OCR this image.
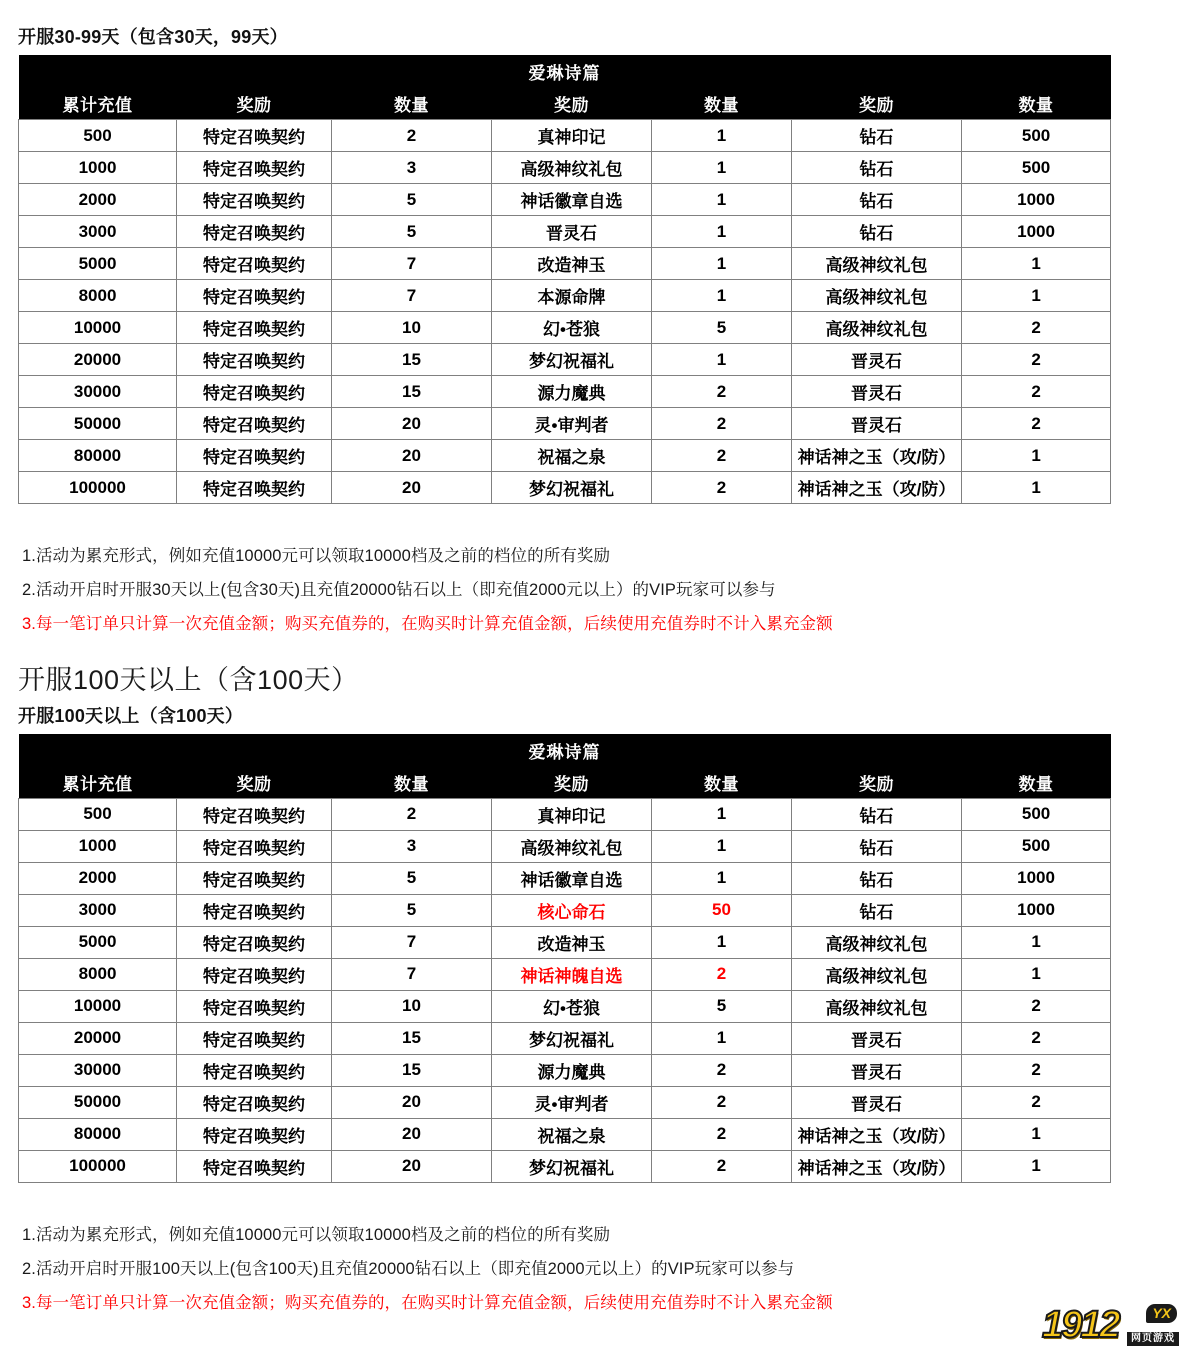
开服30-99天（包含30天，99天）
爱琳诗篇						
累计充值	奖励	数量	奖励	数量	奖励	数量
500	特定召唤契约	2	真神印记	1	钻石	500
1000	特定召唤契约	3	高级神纹礼包	1	钻石	500
2000	特定召唤契约	5	神话徽章自选	1	钻石	1000
3000	特定召唤契约	5	晋灵石	1	钻石	1000
5000	特定召唤契约	7	改造神玉	1	高级神纹礼包	1
8000	特定召唤契约	7	本源命牌	1	高级神纹礼包	1
10000	特定召唤契约	10	幻•苍狼	5	高级神纹礼包	2
20000	特定召唤契约	15	梦幻祝福礼	1	晋灵石	2
30000	特定召唤契约	15	源力魔典	2	晋灵石	2
50000	特定召唤契约	20	灵•审判者	2	晋灵石	2
80000	特定召唤契约	20	祝福之泉	2	神话神之玉（攻/防）	1
100000	特定召唤契约	20	梦幻祝福礼	2	神话神之玉（攻/防）	1
1.活动为累充形式，例如充值10000元可以领取10000档及之前的档位的所有奖励
2.活动开启时开服30天以上(包含30天)且充值20000钻石以上（即充值2000元以上）的VIP玩家可以参与
3.每一笔订单只计算一次充值金额；购买充值券的，在购买时计算充值金额，后续使用充值券时不计入累充金额
开服100天以上（含100天）
开服100天以上（含100天）
爱琳诗篇						
累计充值	奖励	数量	奖励	数量	奖励	数量
500	特定召唤契约	2	真神印记	1	钻石	500
1000	特定召唤契约	3	高级神纹礼包	1	钻石	500
2000	特定召唤契约	5	神话徽章自选	1	钻石	1000
3000	特定召唤契约	5	核心命石	50	钻石	1000
5000	特定召唤契约	7	改造神玉	1	高级神纹礼包	1
8000	特定召唤契约	7	神话神魄自选	2	高级神纹礼包	1
10000	特定召唤契约	10	幻•苍狼	5	高级神纹礼包	2
20000	特定召唤契约	15	梦幻祝福礼	1	晋灵石	2
30000	特定召唤契约	15	源力魔典	2	晋灵石	2
50000	特定召唤契约	20	灵•审判者	2	晋灵石	2
80000	特定召唤契约	20	祝福之泉	2	神话神之玉（攻/防）	1
100000	特定召唤契约	20	梦幻祝福礼	2	神话神之玉（攻/防）	1
1.活动为累充形式，例如充值10000元可以领取10000档及之前的档位的所有奖励
2.活动开启时开服100天以上(包含100天)且充值20000钻石以上（即充值2000元以上）的VIP玩家可以参与
3.每一笔订单只计算一次充值金额；购买充值券的，在购买时计算充值金额，后续使用充值券时不计入累充金额
1912	YX
网页游戏
